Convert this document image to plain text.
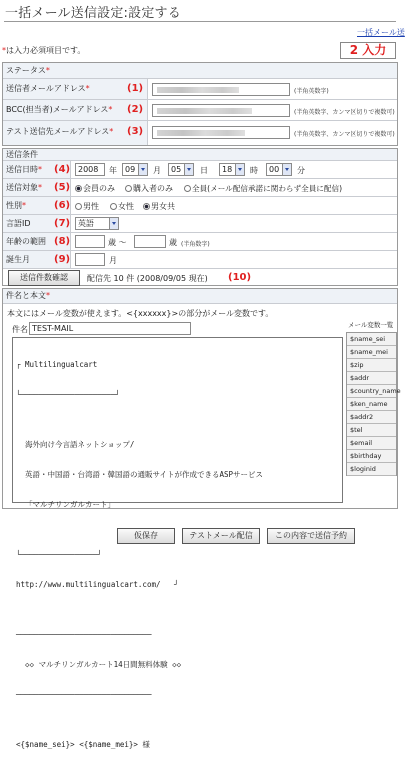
一括メール送信設定:設定する
一括メール送
*は入力必須項目です。	2 入力
ステータス*
送信者メールアドレス*	(1)	(半角英数字)
BCC(担当者)メールアドレス*	(2)	(半角英数字、カンマ区切りで複数可)
テスト送信先メールアドレス*	(3)	(半角英数字、カンマ区切りで複数可)
送信条件
送信日時*	(4) 2008	年	09	月	05	日	18	時	00	分
送信対象*	(5)	会員のみ	購入者のみ	全員(メール配信承諾に関わらず全員に配信)
性別*	(6)	男性	女性	男女共
言語ID	(7) 英語
年齢の範囲 (8)	歳 〜	歳 (半角数字)
誕生月	(9)	月
送信件数確認	配信先 10 件 (2008/09/05 現在) (10)
件名と本文*
本文にはメール変数が使えます。<{xxxxxx}>の部分がメール変数です。
件名 TEST-MAIL

┌ Multilingualcart

└─────────────────────┘

海外向け今言語ネットショップ/

英語・中国語・台湾語・韓国語の通販サイトが作成できるASPサービス

「マルチリンガルカート」

└─────────────────┘

http://www.multilingualcart.com/   ┘

──────────────────────────────

◇◇ マルチリンガルカート14日間無料体験 ◇◇

──────────────────────────────

<{$name_sei}> <{$name_mei}> 様

メール変数一覧
$name_sei
$name_mei
$zip
$addr
$country_name
$ken_name
$addr2
$tel
$email
$birthday
$loginid
仮保存	テストメール配信	この内容で送信予約
